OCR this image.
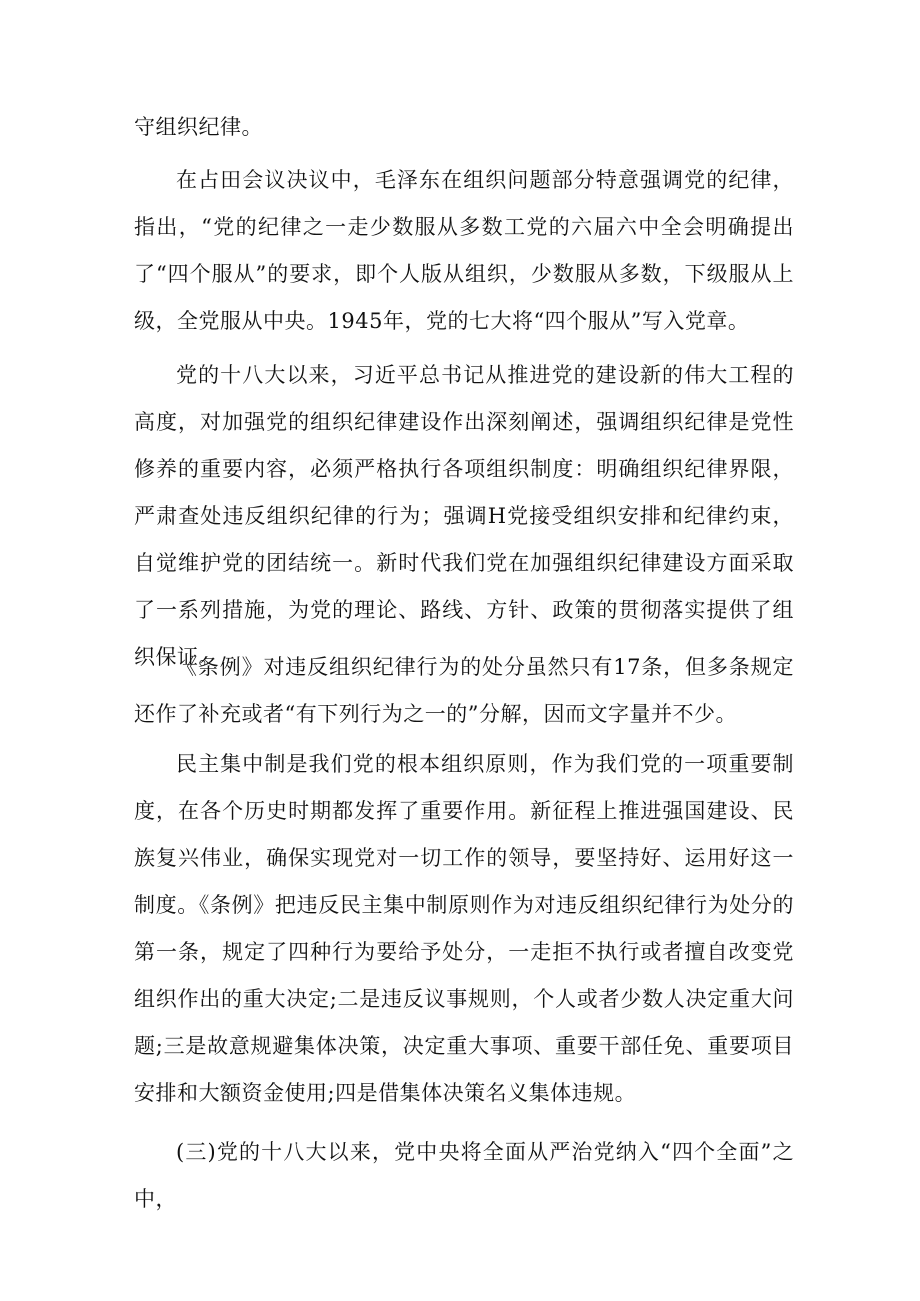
守组织纪律。

在占田会议决议中，毛泽东在组织问题部分特意强调党的纪律，指出，“党的纪律之一走少数服从多数工党的六届六中全会明确提出了“四个服从”的要求，即个人版从组织，少数服从多数，下级服从上级，全党服从中央。1945年，党的七大将“四个服从”写入党章。

党的十八大以来，习近平总书记从推进党的建设新的伟大工程的高度，对加强党的组织纪律建设作出深刻阐述，强调组织纪律是党性修养的重要内容，必须严格执行各项组织制度：明确组织纪律界限，严肃查处违反组织纪律的行为；强调H党接受组织安排和纪律约束，自觉维护党的团结统一。新时代我们党在加强组织纪律建设方面采取了一系列措施，为党的理论、路线、方针、政策的贯彻落实提供了组织保证。

《条例》对违反组织纪律行为的处分虽然只有17条，但多条规定还作了补充或者“有下列行为之一的”分解，因而文字量并不少。

民主集中制是我们党的根本组织原则，作为我们党的一项重要制度，在各个历史时期都发挥了重要作用。新征程上推进强国建设、民族复兴伟业，确保实现党对一切工作的领导，要坚持好、运用好这一制度。《条例》把违反民主集中制原则作为对违反组织纪律行为处分的第一条，规定了四种行为要给予处分，一走拒不执行或者擅自改变党组织作出的重大决定;二是违反议事规则，个人或者少数人决定重大问题;三是故意规避集体决策，决定重大事项、重要干部任免、重要项目安排和大额资金使用;四是借集体决策名义集体违规。

(三)党的十八大以来，党中央将全面从严治党纳入“四个全面”之中，
